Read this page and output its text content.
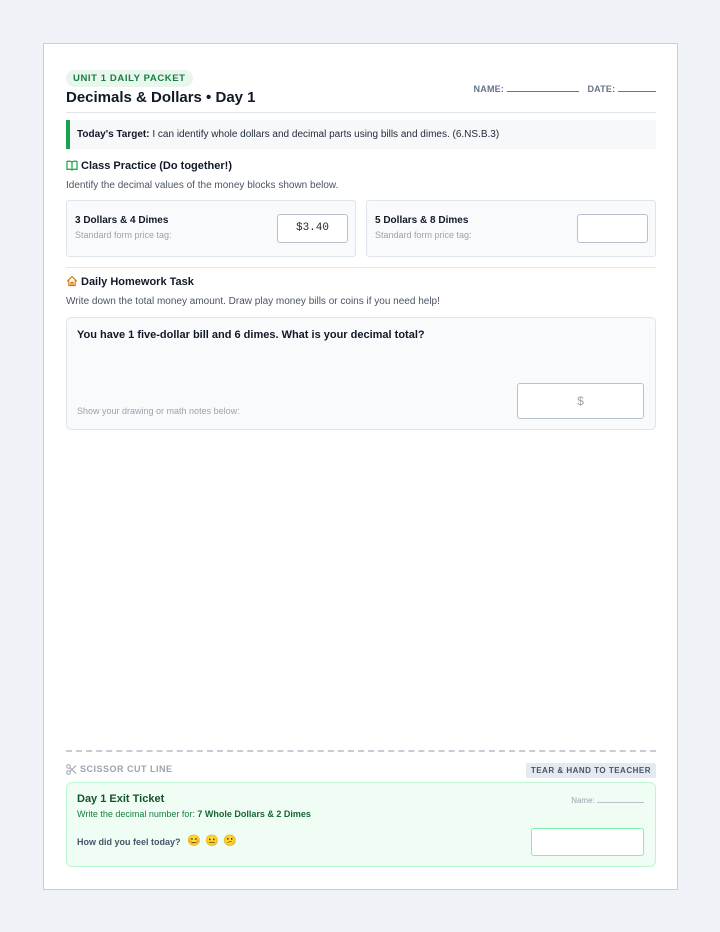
UNIT 1 DAILY PACKET
Decimals & Dollars • Day 1	NAME:	DATE:
Today's Target: I can identify whole dollars and decimal parts using bills and dimes. (6.NS.B.3)
Class Practice (Do together!)
Identify the decimal values of the money blocks shown below.
3 Dollars & 4 Dimes
Standard form price tag:
$3.40
5 Dollars & 8 Dimes
Standard form price tag:
Daily Homework Task
Write down the total money amount. Draw play money bills or coins if you need help!
You have 1 five-dollar bill and 6 dimes. What is your decimal total?
Show your drawing or math notes below:
$
SCISSOR CUT LINE	TEAR & HAND TO TEACHER
Day 1 Exit Ticket
Write the decimal number for: 7 Whole Dollars & 2 Dimes
Name:
How did you feel today? 😊 😐 😕
